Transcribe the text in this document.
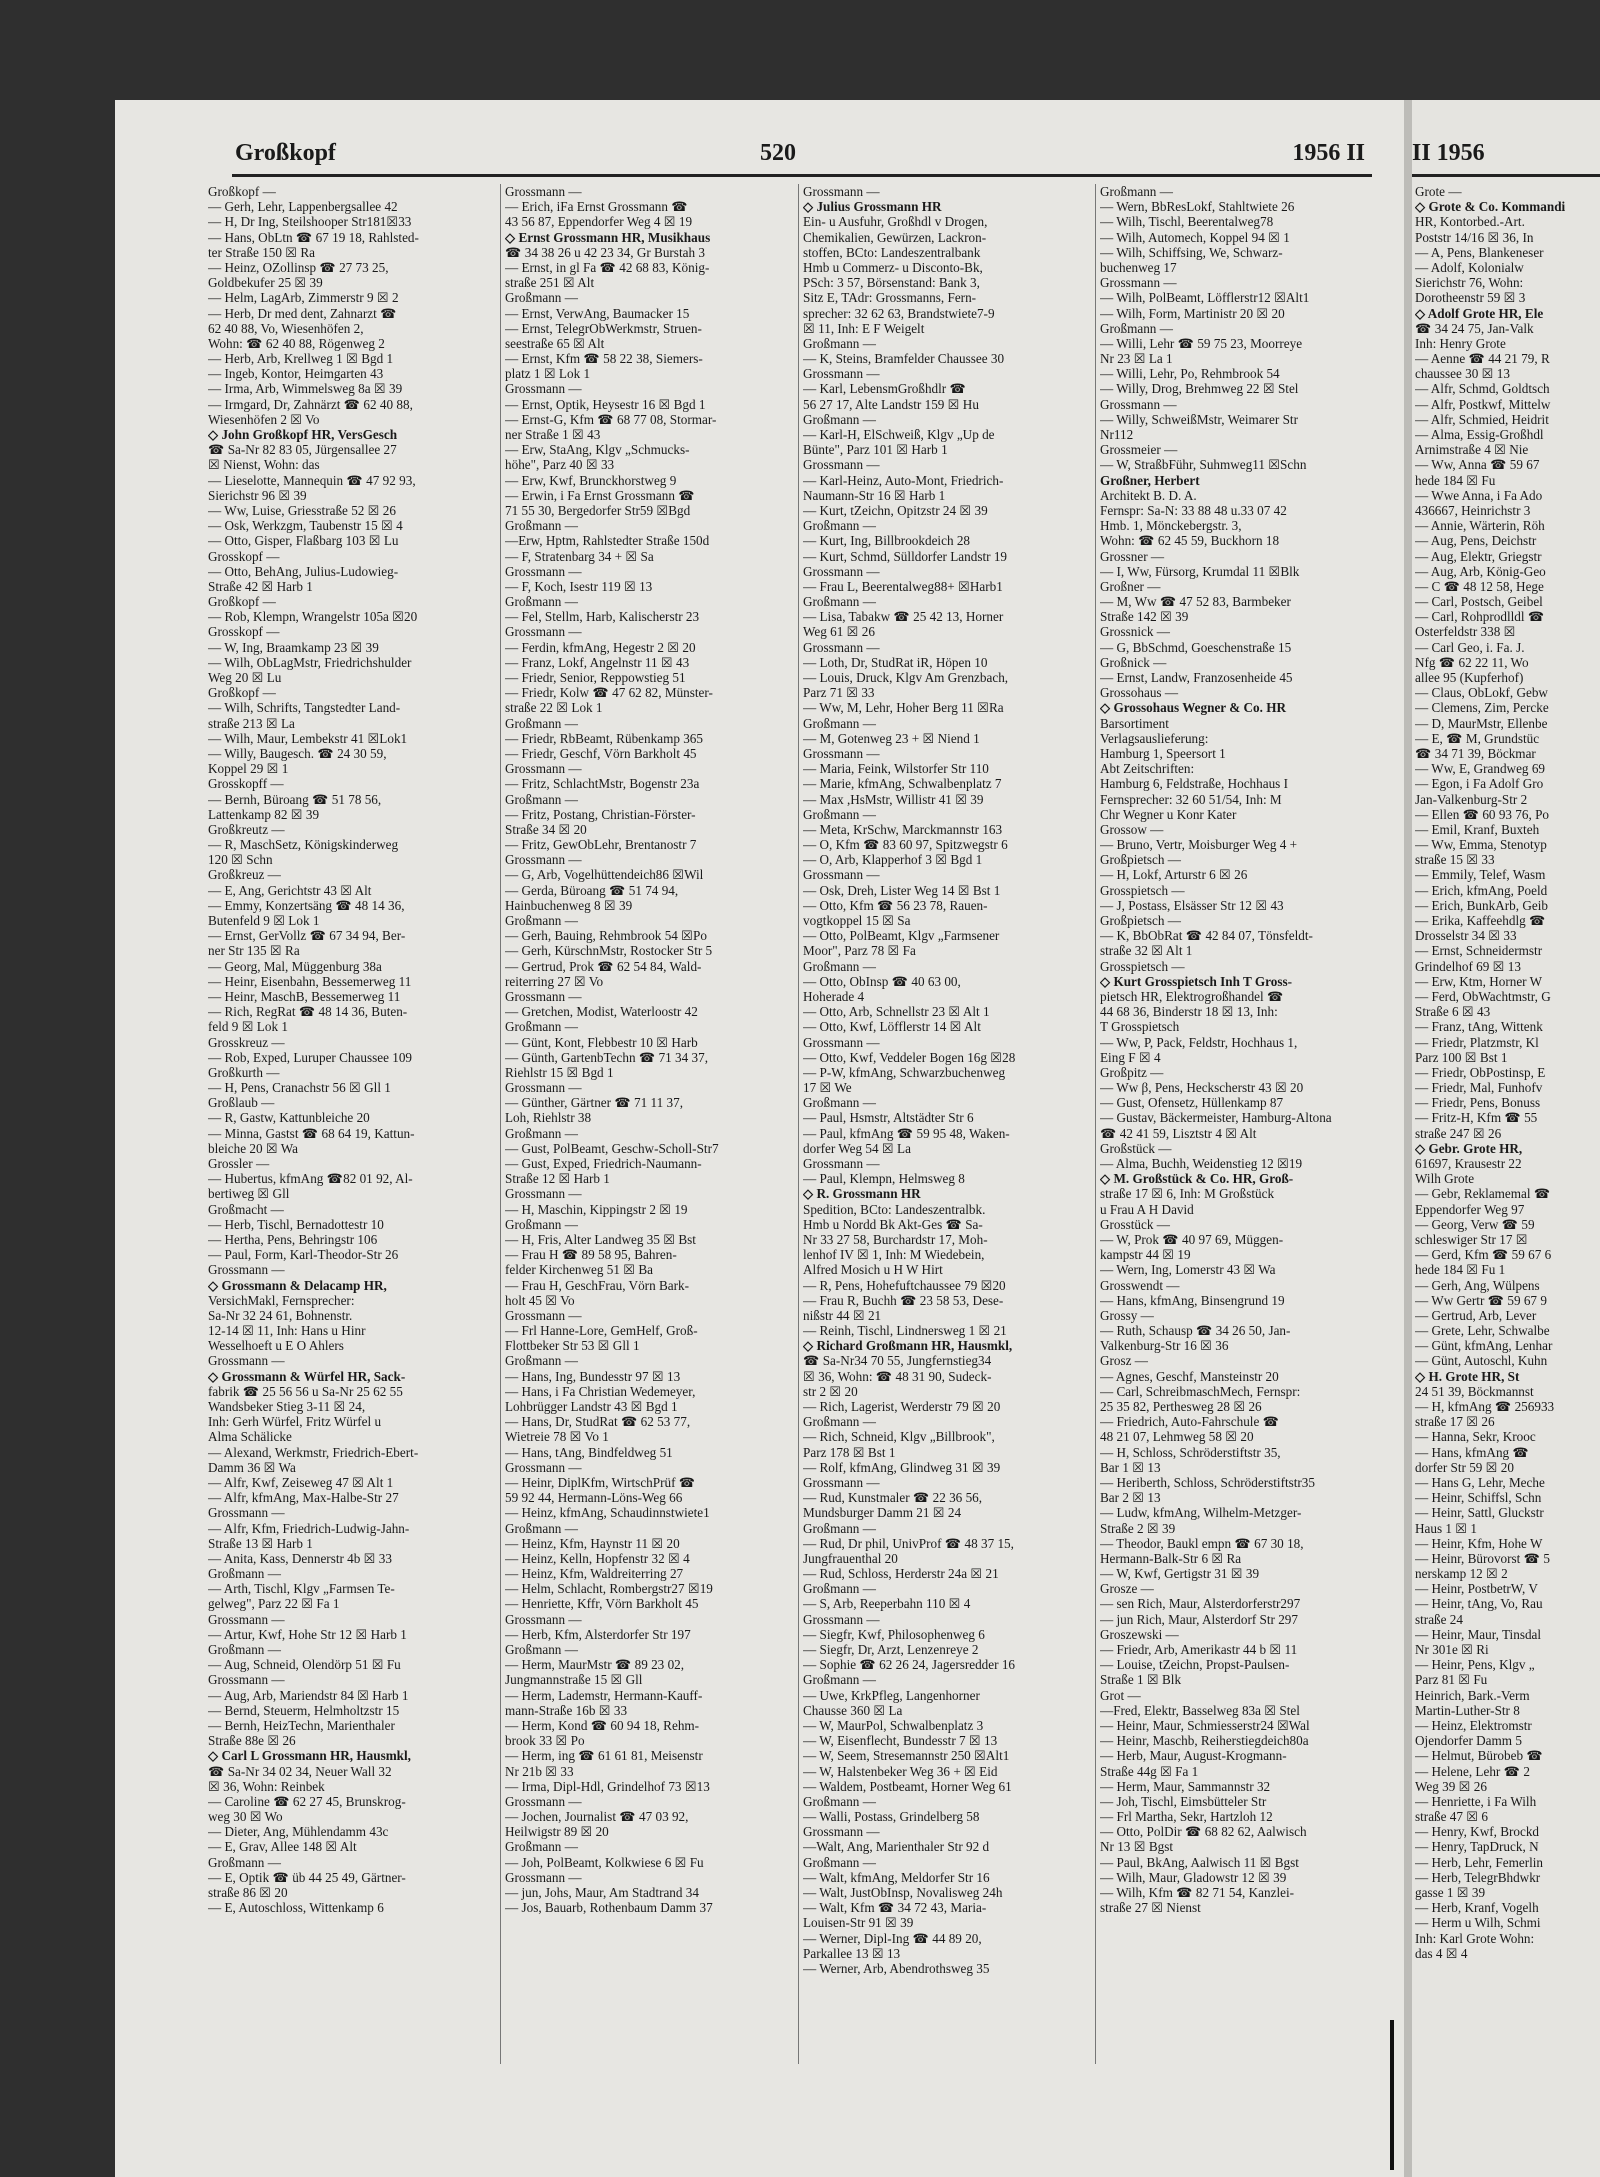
Großkopf	520	1956 II II 1956
Großkopf —
— Gerh, Lehr, Lappenbergsallee 42
— H, Dr Ing, Steilshooper Str181☒33
— Hans, ObLtn ☎ 67 19 18, Rahlsted-
ter Straße 150 ☒ Ra
— Heinz, OZollinsp ☎ 27 73 25,
Goldbekufer 25 ☒ 39
— Helm, LagArb, Zimmerstr 9 ☒ 2
— Herb, Dr med dent, Zahnarzt ☎
62 40 88, Vo, Wiesenhöfen 2,
Wohn: ☎ 62 40 88, Rögenweg 2
— Herb, Arb, Krellweg 1 ☒ Bgd 1
— Ingeb, Kontor, Heimgarten 43
— Irma, Arb, Wimmelsweg 8a ☒ 39
— Irmgard, Dr, Zahnärzt ☎ 62 40 88,
Wiesenhöfen 2 ☒ Vo
◇ John Großkopf HR, VersGesch
☎ Sa-Nr 82 83 05, Jürgensallee 27
☒ Nienst, Wohn: das
— Lieselotte, Mannequin ☎ 47 92 93,
Sierichstr 96 ☒ 39
— Ww, Luise, Griesstraße 52 ☒ 26
— Osk, Werkzgm, Taubenstr 15 ☒ 4
— Otto, Gisper, Flaßbarg 103 ☒ Lu
Grosskopf —
— Otto, BehAng, Julius-Ludowieg-
Straße 42 ☒ Harb 1
Großkopf —
— Rob, Klempn, Wrangelstr 105a ☒20
Grosskopf —
— W, Ing, Braamkamp 23 ☒ 39
— Wilh, ObLagMstr, Friedrichshulder
Weg 20 ☒ Lu
Großkopf —
— Wilh, Schrifts, Tangstedter Land-
straße 213 ☒ La
— Wilh, Maur, Lembekstr 41 ☒Lok1
— Willy, Baugesch. ☎ 24 30 59,
Koppel 29 ☒ 1
Grosskopff —
— Bernh, Büroang ☎ 51 78 56,
Lattenkamp 82 ☒ 39
Großkreutz —
— R, MaschSetz, Königskinderweg
120 ☒ Schn
Großkreuz —
— E, Ang, Gerichtstr 43 ☒ Alt
— Emmy, Konzertsäng ☎ 48 14 36,
Butenfeld 9 ☒ Lok 1
— Ernst, GerVollz ☎ 67 34 94, Ber-
ner Str 135 ☒ Ra
— Georg, Mal, Müggenburg 38a
— Heinr, Eisenbahn, Bessemerweg 11
— Heinr, MaschB, Bessemerweg 11
— Rich, RegRat ☎ 48 14 36, Buten-
feld 9 ☒ Lok 1
Grosskreuz —
— Rob, Exped, Luruper Chaussee 109
Großkurth —
— H, Pens, Cranachstr 56 ☒ Gll 1
Großlaub —
— R, Gastw, Kattunbleiche 20
— Minna, Gastst ☎ 68 64 19, Kattun-
bleiche 20 ☒ Wa
Grossler —
— Hubertus, kfmAng ☎82 01 92, Al-
bertiweg ☒ Gll
Großmacht —
— Herb, Tischl, Bernadottestr 10
— Hertha, Pens, Behringstr 106
— Paul, Form, Karl-Theodor-Str 26
Grossmann —
◇ Grossmann & Delacamp HR,
VersichMakl, Fernsprecher:
Sa-Nr 32 24 61, Bohnenstr.
12-14 ☒ 11, Inh: Hans u Hinr
Wesselhoeft u E O Ahlers
Grossmann —
◇ Grossmann & Würfel HR, Sack-
fabrik ☎ 25 56 56 u Sa-Nr 25 62 55
Wandsbeker Stieg 3-11 ☒ 24,
Inh: Gerh Würfel, Fritz Würfel u
Alma Schälicke
— Alexand, Werkmstr, Friedrich-Ebert-
Damm 36 ☒ Wa
— Alfr, Kwf, Zeiseweg 47 ☒ Alt 1
— Alfr, kfmAng, Max-Halbe-Str 27
Grossmann —
— Alfr, Kfm, Friedrich-Ludwig-Jahn-
Straße 13 ☒ Harb 1
— Anita, Kass, Dennerstr 4b ☒ 33
Großmann —
— Arth, Tischl, Klgv „Farmsen Te-
gelweg", Parz 22 ☒ Fa 1
Grossmann —
— Artur, Kwf, Hohe Str 12 ☒ Harb 1
Großmann —
— Aug, Schneid, Olendörp 51 ☒ Fu
Grossmann —
— Aug, Arb, Mariendstr 84 ☒ Harb 1
— Bernd, Steuerm, Helmholtzstr 15
— Bernh, HeizTechn, Marienthaler
Straße 88e ☒ 26
◇ Carl L Grossmann HR, Hausmkl,
☎ Sa-Nr 34 02 34, Neuer Wall 32
☒ 36, Wohn: Reinbek
— Caroline ☎ 62 27 45, Brunskrog-
weg 30 ☒ Wo
— Dieter, Ang, Mühlendamm 43c
— E, Grav, Allee 148 ☒ Alt
Großmann —
— E, Optik ☎ üb 44 25 49, Gärtner-
straße 86 ☒ 20
— E, Autoschloss, Wittenkamp 6
Grossmann —
— Erich, iFa Ernst Grossmann ☎
43 56 87, Eppendorfer Weg 4 ☒ 19
◇ Ernst Grossmann HR, Musikhaus
☎ 34 38 26 u 42 23 34, Gr Burstah 3
— Ernst, in gl Fa ☎ 42 68 83, König-
straße 251 ☒ Alt
Großmann —
— Ernst, VerwAng, Baumacker 15
— Ernst, TelegrObWerkmstr, Struen-
seestraße 65 ☒ Alt
— Ernst, Kfm ☎ 58 22 38, Siemers-
platz 1 ☒ Lok 1
Grossmann —
— Ernst, Optik, Heysestr 16 ☒ Bgd 1
— Ernst-G, Kfm ☎ 68 77 08, Stormar-
ner Straße 1 ☒ 43
— Erw, StaAng, Klgv „Schmucks-
höhe", Parz 40 ☒ 33
— Erw, Kwf, Brunckhorstweg 9
— Erwin, i Fa Ernst Grossmann ☎
71 55 30, Bergedorfer Str59 ☒Bgd
Großmann —
—Erw, Hptm, Rahlstedter Straße 150d
— F, Stratenbarg 34 + ☒ Sa
Grossmann —
— F, Koch, Isestr 119 ☒ 13
Großmann —
— Fel, Stellm, Harb, Kalischerstr 23
Grossmann —
— Ferdin, kfmAng, Hegestr 2 ☒ 20
— Franz, Lokf, Angelnstr 11 ☒ 43
— Friedr, Senior, Reppowstieg 51
— Friedr, Kolw ☎ 47 62 82, Münster-
straße 22 ☒ Lok 1
Großmann —
— Friedr, RbBeamt, Rübenkamp 365
— Friedr, Geschf, Vörn Barkholt 45
Grossmann —
— Fritz, SchlachtMstr, Bogenstr 23a
Großmann —
— Fritz, Postang, Christian-Förster-
Straße 34 ☒ 20
— Fritz, GewObLehr, Brentanostr 7
Grossmann —
— G, Arb, Vogelhüttendeich86 ☒Wil
— Gerda, Büroang ☎ 51 74 94,
Hainbuchenweg 8 ☒ 39
Großmann —
— Gerh, Bauing, Rehmbrook 54 ☒Po
— Gerh, KürschnMstr, Rostocker Str 5
— Gertrud, Prok ☎ 62 54 84, Wald-
reiterring 27 ☒ Vo
Grossmann —
— Gretchen, Modist, Waterloostr 42
Großmann —
— Günt, Kont, Flebbestr 10 ☒ Harb
— Günth, GartenbTechn ☎ 71 34 37,
Riehlstr 15 ☒ Bgd 1
Grossmann —
— Günther, Gärtner ☎ 71 11 37,
Loh, Riehlstr 38
Großmann —
— Gust, PolBeamt, Geschw-Scholl-Str7
— Gust, Exped, Friedrich-Naumann-
Straße 12 ☒ Harb 1
Grossmann —
— H, Maschin, Kippingstr 2 ☒ 19
Großmann —
— H, Fris, Alter Landweg 35 ☒ Bst
— Frau H ☎ 89 58 95, Bahren-
felder Kirchenweg 51 ☒ Ba
— Frau H, GeschFrau, Vörn Bark-
holt 45 ☒ Vo
Grossmann —
— Frl Hanne-Lore, GemHelf, Groß-
Flottbeker Str 53 ☒ Gll 1
Großmann —
— Hans, Ing, Bundesstr 97 ☒ 13
— Hans, i Fa Christian Wedemeyer,
Lohbrügger Landstr 43 ☒ Bgd 1
— Hans, Dr, StudRat ☎ 62 53 77,
Wietreie 78 ☒ Vo 1
— Hans, tAng, Bindfeldweg 51
Grossmann —
— Heinr, DiplKfm, WirtschPrüf ☎
59 92 44, Hermann-Löns-Weg 66
— Heinz, kfmAng, Schaudinnstwiete1
Großmann —
— Heinz, Kfm, Haynstr 11 ☒ 20
— Heinz, Kelln, Hopfenstr 32 ☒ 4
— Heinz, Kfm, Waldreiterring 27
— Helm, Schlacht, Rombergstr27 ☒19
— Henriette, Kffr, Vörn Barkholt 45
Grossmann —
— Herb, Kfm, Alsterdorfer Str 197
Großmann —
— Herm, MaurMstr ☎ 89 23 02,
Jungmannstraße 15 ☒ Gll
— Herm, Lademstr, Hermann-Kauff-
mann-Straße 16b ☒ 33
— Herm, Kond ☎ 60 94 18, Rehm-
brook 33 ☒ Po
— Herm, ing ☎ 61 61 81, Meisenstr
Nr 21b ☒ 33
— Irma, Dipl-Hdl, Grindelhof 73 ☒13
Grossmann —
— Jochen, Journalist ☎ 47 03 92,
Heilwigstr 89 ☒ 20
Großmann —
— Joh, PolBeamt, Kolkwiese 6 ☒ Fu
Grossmann —
— jun, Johs, Maur, Am Stadtrand 34
— Jos, Bauarb, Rothenbaum Damm 37
Grossmann —
◇ Julius Grossmann HR
Ein- u Ausfuhr, Großhdl v Drogen,
Chemikalien, Gewürzen, Lackron-
stoffen, BCto: Landeszentralbank
Hmb u Commerz- u Disconto-Bk,
PSch: 3 57, Börsenstand: Bank 3,
Sitz E, TAdr: Grossmanns, Fern-
sprecher: 32 62 63, Brandstwiete7-9
☒ 11, Inh: E F Weigelt
Großmann —
— K, Steins, Bramfelder Chaussee 30
Grossmann —
— Karl, LebensmGroßhdlr ☎
56 27 17, Alte Landstr 159 ☒ Hu
Großmann —
— Karl-H, ElSchweiß, Klgv „Up de
Bünte", Parz 101 ☒ Harb 1
Grossmann —
— Karl-Heinz, Auto-Mont, Friedrich-
Naumann-Str 16 ☒ Harb 1
— Kurt, tZeichn, Opitzstr 24 ☒ 39
Großmann —
— Kurt, Ing, Billbrookdeich 28
— Kurt, Schmd, Sülldorfer Landstr 19
Grossmann —
— Frau L, Beerentalweg88+ ☒Harb1
Großmann —
— Lisa, Tabakw ☎ 25 42 13, Horner
Weg 61 ☒ 26
Grossmann —
— Loth, Dr, StudRat iR, Höpen 10
— Louis, Druck, Klgv Am Grenzbach,
Parz 71 ☒ 33
— Ww, M, Lehr, Hoher Berg 11 ☒Ra
Großmann —
— M, Gotenweg 23 + ☒ Niend 1
Grossmann —
— Maria, Feink, Wilstorfer Str 110
— Marie, kfmAng, Schwalbenplatz 7
— Max ,HsMstr, Willistr 41 ☒ 39
Großmann —
— Meta, KrSchw, Marckmannstr 163
— O, Kfm ☎ 83 60 97, Spitzwegstr 6
— O, Arb, Klapperhof 3 ☒ Bgd 1
Grossmann —
— Osk, Dreh, Lister Weg 14 ☒ Bst 1
— Otto, Kfm ☎ 56 23 78, Rauen-
vogtkoppel 15 ☒ Sa
— Otto, PolBeamt, Klgv „Farmsener
Moor", Parz 78 ☒ Fa
Großmann —
— Otto, ObInsp ☎ 40 63 00,
Hoherade 4
— Otto, Arb, Schnellstr 23 ☒ Alt 1
— Otto, Kwf, Löfflerstr 14 ☒ Alt
Grossmann —
— Otto, Kwf, Veddeler Bogen 16g ☒28
— P-W, kfmAng, Schwarzbuchenweg
17 ☒ We
Großmann —
— Paul, Hsmstr, Altstädter Str 6
— Paul, kfmAng ☎ 59 95 48, Waken-
dorfer Weg 54 ☒ La
Grossmann —
— Paul, Klempn, Helmsweg 8
◇ R. Grossmann HR
Spedition, BCto: Landeszentralbk.
Hmb u Nordd Bk Akt-Ges ☎ Sa-
Nr 33 27 58, Burchardstr 17, Moh-
lenhof IV ☒ 1, Inh: M Wiedebein,
Alfred Mosich u H W Hirt
— R, Pens, Hohefuftchaussee 79 ☒20
— Frau R, Buchh ☎ 23 58 53, Dese-
nißstr 44 ☒ 21
— Reinh, Tischl, Lindnersweg 1 ☒ 21
◇ Richard Großmann HR, Hausmkl,
☎ Sa-Nr34 70 55, Jungfernstieg34
☒ 36, Wohn: ☎ 48 31 90, Sudeck-
str 2 ☒ 20
— Rich, Lagerist, Werderstr 79 ☒ 20
Großmann —
— Rich, Schneid, Klgv „Billbrook",
Parz 178 ☒ Bst 1
— Rolf, kfmAng, Glindweg 31 ☒ 39
Grossmann —
— Rud, Kunstmaler ☎ 22 36 56,
Mundsburger Damm 21 ☒ 24
Großmann —
— Rud, Dr phil, UnivProf ☎ 48 37 15,
Jungfrauenthal 20
— Rud, Schloss, Herderstr 24a ☒ 21
Großmann —
— S, Arb, Reeperbahn 110 ☒ 4
Grossmann —
— Siegfr, Kwf, Philosophenweg 6
— Siegfr, Dr, Arzt, Lenzenreye 2
— Sophie ☎ 62 26 24, Jagersredder 16
Großmann —
— Uwe, KrkPfleg, Langenhorner
Chausse 360 ☒ La
— W, MaurPol, Schwalbenplatz 3
— W, Eisenflecht, Bundesstr 7 ☒ 13
— W, Seem, Stresemannstr 250 ☒Alt1
— W, Halstenbeker Weg 36 + ☒ Eid
— Waldem, Postbeamt, Horner Weg 61
Großmann —
— Walli, Postass, Grindelberg 58
Grossmann —
—Walt, Ang, Marienthaler Str 92 d
Großmann —
— Walt, kfmAng, Meldorfer Str 16
— Walt, JustObInsp, Novalisweg 24h
— Walt, Kfm ☎ 34 72 43, Maria-
Louisen-Str 91 ☒ 39
— Werner, Dipl-Ing ☎ 44 89 20,
Parkallee 13 ☒ 13
— Werner, Arb, Abendrothsweg 35
Großmann —
— Wern, BbResLokf, Stahltwiete 26
— Wilh, Tischl, Beerentalweg78
— Wilh, Automech, Koppel 94 ☒ 1
— Wilh, Schiffsing, We, Schwarz-
buchenweg 17
Grossmann —
— Wilh, PolBeamt, Löfflerstr12 ☒Alt1
— Wilh, Form, Martinistr 20 ☒ 20
Großmann —
— Willi, Lehr ☎ 59 75 23, Moorreye
Nr 23 ☒ La 1
— Willi, Lehr, Po, Rehmbrook 54
— Willy, Drog, Brehmweg 22 ☒ Stel
Grossmann —
— Willy, SchweißMstr, Weimarer Str
Nr112
Grossmeier —
— W, StraßbFühr, Suhmweg11 ☒Schn
Großner, Herbert
Architekt B. D. A.
Fernspr: Sa-N: 33 88 48 u.33 07 42
Hmb. 1, Mönckebergstr. 3,
Wohn: ☎ 62 45 59, Buckhorn 18
Grossner —
— I, Ww, Fürsorg, Krumdal 11 ☒Blk
Großner —
— M, Ww ☎ 47 52 83, Barmbeker
Straße 142 ☒ 39
Grossnick —
— G, BbSchmd, Goeschenstraße 15
Großnick —
— Ernst, Landw, Franzosenheide 45
Grossohaus —
◇ Grossohaus Wegner & Co. HR
Barsortiment
Verlagsauslieferung:
Hamburg 1, Speersort 1
Abt Zeitschriften:
Hamburg 6, Feldstraße, Hochhaus I
Fernsprecher: 32 60 51/54, Inh: M
Chr Wegner u Konr Kater
Grossow —
— Bruno, Vertr, Moisburger Weg 4 +
Großpietsch —
— H, Lokf, Arturstr 6 ☒ 26
Grosspietsch —
— J, Postass, Elsässer Str 12 ☒ 43
Großpietsch —
— K, BbObRat ☎ 42 84 07, Tönsfeldt-
straße 32 ☒ Alt 1
Grosspietsch —
◇ Kurt Grosspietsch Inh T Gross-
pietsch HR, Elektrogroßhandel ☎
44 68 36, Binderstr 18 ☒ 13, Inh:
T Grosspietsch
— Ww, P, Pack, Feldstr, Hochhaus 1,
Eing F ☒ 4
Großpitz —
— Ww β, Pens, Heckscherstr 43 ☒ 20
— Gust, Ofensetz, Hüllenkamp 87
— Gustav, Bäckermeister, Hamburg-Altona
☎ 42 41 59, Lisztstr 4 ☒ Alt
Großstück —
— Alma, Buchh, Weidenstieg 12 ☒19
◇ M. Großstück & Co. HR, Groß-
straße 17 ☒ 6, Inh: M Großstück
u Frau A H David
Grosstück —
— W, Prok ☎ 40 97 69, Müggen-
kampstr 44 ☒ 19
— Wern, Ing, Lomerstr 43 ☒ Wa
Grosswendt —
— Hans, kfmAng, Binsengrund 19
Grossy —
— Ruth, Schausp ☎ 34 26 50, Jan-
Valkenburg-Str 16 ☒ 36
Grosz —
— Agnes, Geschf, Mansteinstr 20
— Carl, SchreibmaschMech, Fernspr:
25 35 82, Perthesweg 28 ☒ 26
— Friedrich, Auto-Fahrschule ☎
48 21 07, Lehmweg 58 ☒ 20
— H, Schloss, Schröderstiftstr 35,
Bar 1 ☒ 13
— Heriberth, Schloss, Schröderstiftstr35
Bar 2 ☒ 13
— Ludw, kfmAng, Wilhelm-Metzger-
Straße 2 ☒ 39
— Theodor, Baukl empn ☎ 67 30 18,
Hermann-Balk-Str 6 ☒ Ra
— W, Kwf, Gertigstr 31 ☒ 39
Grosze —
— sen Rich, Maur, Alsterdorferstr297
— jun Rich, Maur, Alsterdorf Str 297
Groszewski —
— Friedr, Arb, Amerikastr 44 b ☒ 11
— Louise, tZeichn, Propst-Paulsen-
Straße 1 ☒ Blk
Grot —
—Fred, Elektr, Basselweg 83a ☒ Stel
— Heinr, Maur, Schmiesserstr24 ☒Wal
— Heinr, Maschb, Reiherstiegdeich80a
— Herb, Maur, August-Krogmann-
Straße 44g ☒ Fa 1
— Herm, Maur, Sammannstr 32
— Joh, Tischl, Eimsbütteler Str
— Frl Martha, Sekr, Hartzloh 12
— Otto, PolDir ☎ 68 82 62, Aalwisch
Nr 13 ☒ Bgst
— Paul, BkAng, Aalwisch 11 ☒ Bgst
— Wilh, Maur, Gladowstr 12 ☒ 39
— Wilh, Kfm ☎ 82 71 54, Kanzlei-
straße 27 ☒ Nienst
Grote —
◇ Grote & Co. Kommandi
HR, Kontorbed.-Art.
Poststr 14/16 ☒ 36, In
— A, Pens, Blankeneser
— Adolf, Kolonialw
Sierichstr 76, Wohn:
Dorotheenstr 59 ☒ 3
◇ Adolf Grote HR, Ele
☎ 34 24 75, Jan-Valk
Inh: Henry Grote
— Aenne ☎ 44 21 79, R
chaussee 30 ☒ 13
— Alfr, Schmd, Goldtsch
— Alfr, Postkwf, Mittelw
— Alfr, Schmied, Heidrit
— Alma, Essig-Großhdl
Arnimstraße 4 ☒ Nie
— Ww, Anna ☎ 59 67
hede 184 ☒ Fu
— Wwe Anna, i Fa Ado
436667, Heinrichstr 3
— Annie, Wärterin, Röh
— Aug, Pens, Deichstr
— Aug, Elektr, Griegstr
— Aug, Arb, König-Geo
— C ☎ 48 12 58, Hege
— Carl, Postsch, Geibel
— Carl, Rohprodlldl ☎
Osterfeldstr 338 ☒
— Carl Geo, i. Fa. J.
Nfg ☎ 62 22 11, Wo
allee 95 (Kupferhof)
— Claus, ObLokf, Gebw
— Clemens, Zim, Percke
— D, MaurMstr, Ellenbe
— E, ☎ M, Grundstüc
☎ 34 71 39, Böckmar
— Ww, E, Grandweg 69
— Egon, i Fa Adolf Gro
Jan-Valkenburg-Str 2
— Ellen ☎ 60 93 76, Po
— Emil, Kranf, Buxteh
— Ww, Emma, Stenotyp
straße 15 ☒ 33
— Emmily, Telef, Wasm
— Erich, kfmAng, Poeld
— Erich, BunkArb, Geib
— Erika, Kaffeehdlg ☎
Drosselstr 34 ☒ 33
— Ernst, Schneidermstr
Grindelhof 69 ☒ 13
— Erw, Ktm, Horner W
— Ferd, ObWachtmstr, G
Straße 6 ☒ 43
— Franz, tAng, Wittenk
— Friedr, Platzmstr, Kl
Parz 100 ☒ Bst 1
— Friedr, ObPostinsp, E
— Friedr, Mal, Funhofv
— Friedr, Pens, Bonuss
— Fritz-H, Kfm ☎ 55
straße 247 ☒ 26
◇ Gebr. Grote HR,
61697, Krausestr 22
Wilh Grote
— Gebr, Reklamemal ☎
Eppendorfer Weg 97
— Georg, Verw ☎ 59
schleswiger Str 17 ☒
— Gerd, Kfm ☎ 59 67 6
hede 184 ☒ Fu 1
— Gerh, Ang, Wülpens
— Ww Gertr ☎ 59 67 9
— Gertrud, Arb, Lever
— Grete, Lehr, Schwalbe
— Günt, kfmAng, Lenhar
— Günt, Autoschl, Kuhn
◇ H. Grote HR, St
24 51 39, Böckmannst
— H, kfmAng ☎ 256933
straße 17 ☒ 26
— Hanna, Sekr, Krooc
— Hans, kfmAng ☎
dorfer Str 59 ☒ 20
— Hans G, Lehr, Meche
— Heinr, Schiffsl, Schn
— Heinr, Sattl, Gluckstr
Haus 1 ☒ 1
— Heinr, Kfm, Hohe W
— Heinr, Bürovorst ☎ 5
nerskamp 12 ☒ 2
— Heinr, PostbetrW, V
— Heinr, tAng, Vo, Rau
straße 24
— Heinr, Maur, Tinsdal
Nr 301e ☒ Ri
— Heinr, Pens, Klgv „
Parz 81 ☒ Fu
Heinrich, Bark.-Verm
Martin-Luther-Str 8
— Heinz, Elektromstr
Ojendorfer Damm 5
— Helmut, Bürobeb ☎
— Helene, Lehr ☎ 2
Weg 39 ☒ 26
— Henriette, i Fa Wilh
straße 47 ☒ 6
— Henry, Kwf, Brockd
— Henry, TapDruck, N
— Herb, Lehr, Femerlin
— Herb, TelegrBhdwkr
gasse 1 ☒ 39
— Herb, Kranf, Vogelh
— Herm u Wilh, Schmi
Inh: Karl Grote Wohn:
das 4 ☒ 4
